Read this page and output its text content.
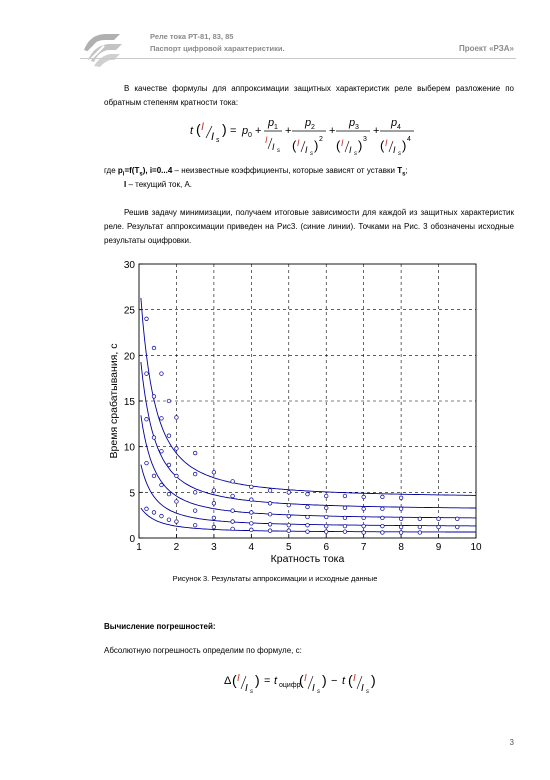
Реле тока РТ-81, 83, 85
Паспорт цифровой характеристики.	Проект «РЗА»
В качестве формулы для аппроксимации защитных характеристик реле выберем разложение по обратным степеням кратности тока:
t ( I
I s
) = p 0 +
p 1
I
I s
+
p 2
( I
I s
) 2
+
p 3
( I
I s
) 3
+
p 4
( I
I s
) 4
где $p_i=f(T_s)$, i=0...4 – неизвестные коэффициенты, которые зависят от уставки $T_s$;
I – текущий ток, А.
Решив задачу минимизации, получаем итоговые зависимости для каждой из защитных характеристик реле. Результат аппроксимации приведен на Рис3. (синие линии). Точками на Рис. 3 обозначены исходные результаты оцифровки.
1	2	3	4	5	6	7	8	9	10
0
5
10
15
20
25
30
Кратность тока
Время срабатывания, с
Рисунок 3. Результаты аппроксимации и исходные данные
Вычисление погрешностей:
Абсолютную погрешность определим по формуле, с:
Δ ( I
I s
) = t оцифр.
( I
I s
) − t ( I
I s
)
3
